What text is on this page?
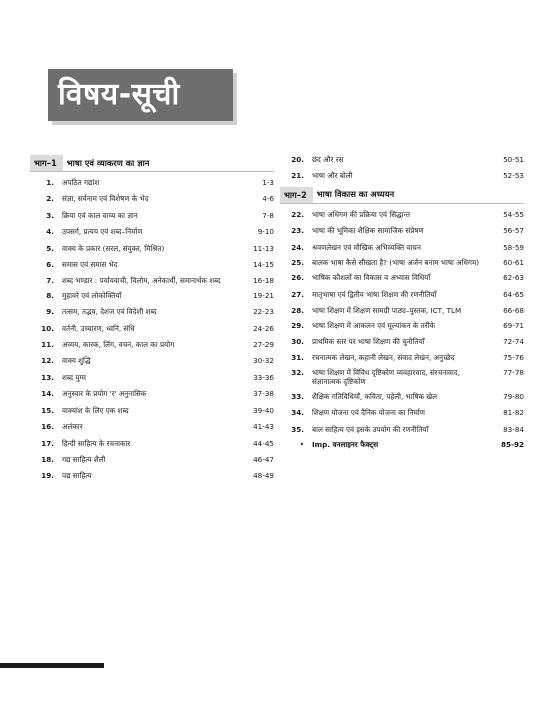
विषय-सूची
भाग–1	भाषा एवं व्याकरण का ज्ञान
1.	अपठित गद्यांश	1-3
2.	संज्ञा, सर्वनाम एवं विशेषण के भेद	4-6
3.	क्रिया एवं काल वाच्य का ज्ञान	7-8
4.	उपसर्ग, प्रत्यय एवं शब्द–निर्माण	9-10
5.	वाक्य के प्रकार (सरल, संयुक्त, मिश्रित)	11-13
6.	समास एवं समास भेद	14-15
7.	शब्द भण्डार : पर्यायवाची, विलोम, अनेकार्थी, समानार्थक शब्द	16-18
8.	मुहावरे एवं लोकोक्तियाँ	19-21
9.	तत्सम, तद्भव, देशज एवं विदेशी शब्द	22-23
10.	वर्तनी, उच्चारण, ध्वनि, संधि	24-26
11.	अव्यय, कारक, लिंग, वचन, काल का प्रयोग	27-29
12.	वाक्य शुद्धि	30-32
13.	शब्द युग्म	33-36
14.	अनुस्वार के प्रयोग 'र' अनुनासिक	37-38
15.	वाक्यांश के लिए एक शब्द	39-40
16.	अलंकार	41-43
17.	हिन्दी साहित्य के रचनाकार	44-45
18.	गद्य साहित्य शैली	46-47
19.	पद्य साहित्य	48-49
20.	छंद और रस	50-51
21.	भाषा और बोली	52-53
भाग–2	भाषा विकास का अध्ययन
22.	भाषा अधिगम की प्रक्रिया एवं सिद्धान्त	54-55
23.	भाषा की भूमिका शैक्षिक सामाजिक संप्रेषण	56-57
24.	श्रवणलेखन एवं मौखिक अभिव्यक्ति वाचन	58-59
25.	बालक भाषा कैसे सीखता है? (भाषा अर्जन बनाम भाषा अधिगम)	60-61
26.	भाषिक कौशलों का विकास व अभ्यास विधियाँ	62-63
27.	मातृभाषा एवं द्वितीय भाषा शिक्षण की रणनीतियाँ	64-65
28.	भाषा शिक्षण में शिक्षण सामग्री पाठ्य–पुस्तक, ICT, TLM	66-68
29.	भाषा शिक्षण में आकलन एवं मूल्यांकन के तरीके	69-71
30.	प्राथमिक स्तर पर भाषा शिक्षण की चुनौतियाँ	72-74
31.	रचनात्मक लेखन, कहानी लेखन, संवाद लेखन, अनुच्छेद	75-76
32.	भाषा शिक्षण में विविध दृष्टिकोण व्यवहारवाद, संरचनावाद, संज्ञानात्मक दृष्टिकोण
77-78
33.	शैक्षिक गतिविधियाँ, कविता, पहेली, भाषिक खेल	79-80
34.	शिक्षण योजना एवं दैनिक योजना का निर्माण	81-82
35.	बाल साहित्य एवं इसके उपयोग की रणनीतियाँ	83-84
•	Imp. वनलाइनर फैक्ट्स	85-92
